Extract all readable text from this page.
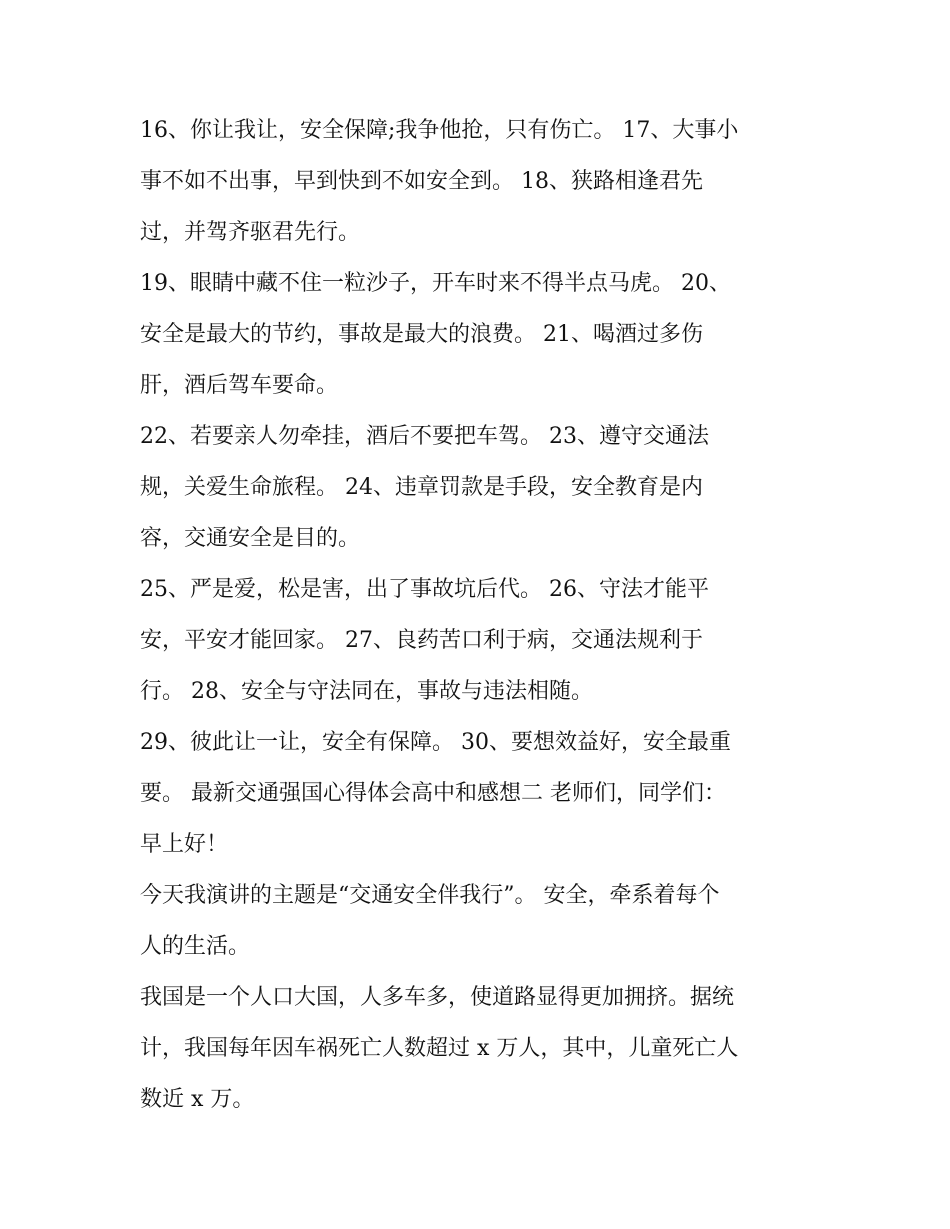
16、你让我让，安全保障;我争他抢，只有伤亡。 17、大事小
事不如不出事，早到快到不如安全到。 18、狭路相逢君先
过，并驾齐驱君先行。
19、眼睛中藏不住一粒沙子，开车时来不得半点马虎。 20、
安全是最大的节约，事故是最大的浪费。 21、喝酒过多伤
肝，酒后驾车要命。
22、若要亲人勿牵挂，酒后不要把车驾。 23、遵守交通法
规，关爱生命旅程。 24、违章罚款是手段，安全教育是内
容，交通安全是目的。
25、严是爱，松是害，出了事故坑后代。 26、守法才能平
安，平安才能回家。 27、良药苦口利于病，交通法规利于
行。 28、安全与守法同在，事故与违法相随。
29、彼此让一让，安全有保障。 30、要想效益好，安全最重
要。 最新交通强国心得体会高中和感想二 老师们，同学们：
早上好！
今天我演讲的主题是“交通安全伴我行”。 安全，牵系着每个
人的生活。
我国是一个人口大国，人多车多，使道路显得更加拥挤。据统
计，我国每年因车祸死亡人数超过 x 万人，其中，儿童死亡人
数近 x 万。
